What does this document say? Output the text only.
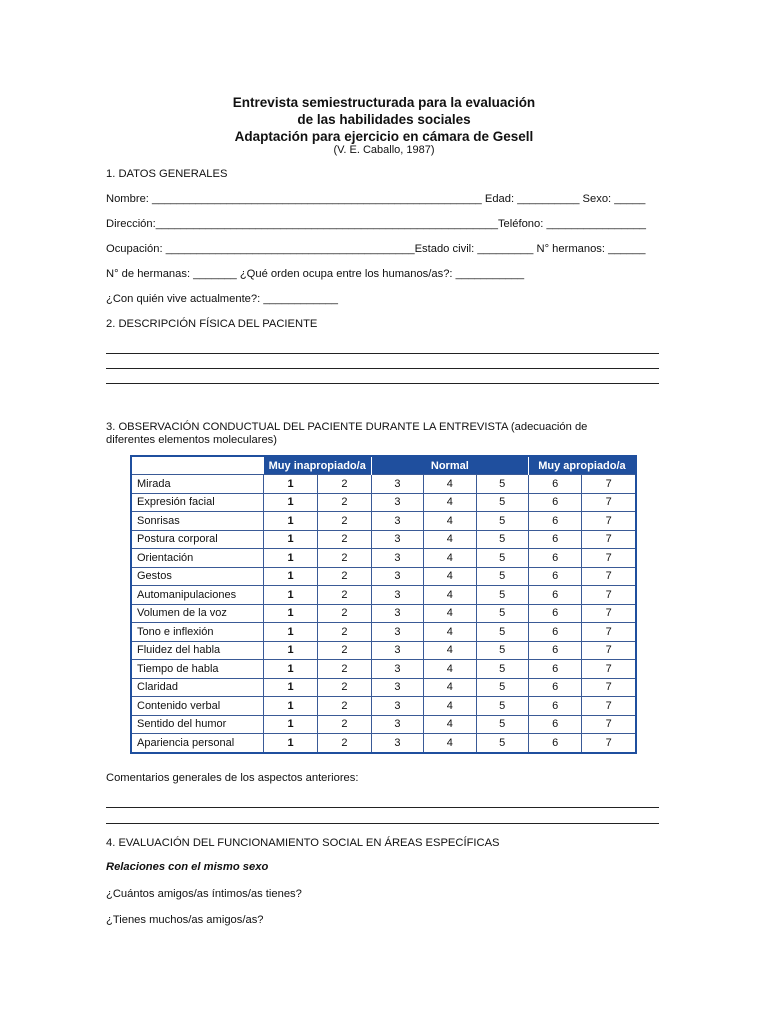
Entrevista semiestructurada para la evaluación
de las habilidades sociales
Adaptación para ejercicio en cámara de Gesell
(V. E. Caballo, 1987)
1. DATOS GENERALES
Nombre: _____________________________________________________ Edad: __________ Sexo: _____
Dirección:_______________________________________________________Teléfono: ________________
Ocupación: ________________________________________Estado civil: _________ N° hermanos: ______
N° de hermanas: _______ ¿Qué orden ocupa entre los humanos/as?: ___________
¿Con quién vive actualmente?: ____________
2. DESCRIPCIÓN FÍSICA DEL PACIENTE
3. OBSERVACIÓN CONDUCTUAL DEL PACIENTE DURANTE LA ENTREVISTA (adecuación de
diferentes elementos moleculares)
	Muy inapropiado/a		Normal			Muy apropiado/a	
Mirada	1	2	3	4	5	6	7
Expresión facial	1	2	3	4	5	6	7
Sonrisas	1	2	3	4	5	6	7
Postura corporal	1	2	3	4	5	6	7
Orientación	1	2	3	4	5	6	7
Gestos	1	2	3	4	5	6	7
Automanipulaciones	1	2	3	4	5	6	7
Volumen de la voz	1	2	3	4	5	6	7
Tono e inflexión	1	2	3	4	5	6	7
Fluidez del habla	1	2	3	4	5	6	7
Tiempo de habla	1	2	3	4	5	6	7
Claridad	1	2	3	4	5	6	7
Contenido verbal	1	2	3	4	5	6	7
Sentido del humor	1	2	3	4	5	6	7
Apariencia personal	1	2	3	4	5	6	7
Comentarios generales de los aspectos anteriores:
4. EVALUACIÓN DEL FUNCIONAMIENTO SOCIAL EN ÁREAS ESPECÍFICAS
Relaciones con el mismo sexo
¿Cuántos amigos/as íntimos/as tienes?
¿Tienes muchos/as amigos/as?
